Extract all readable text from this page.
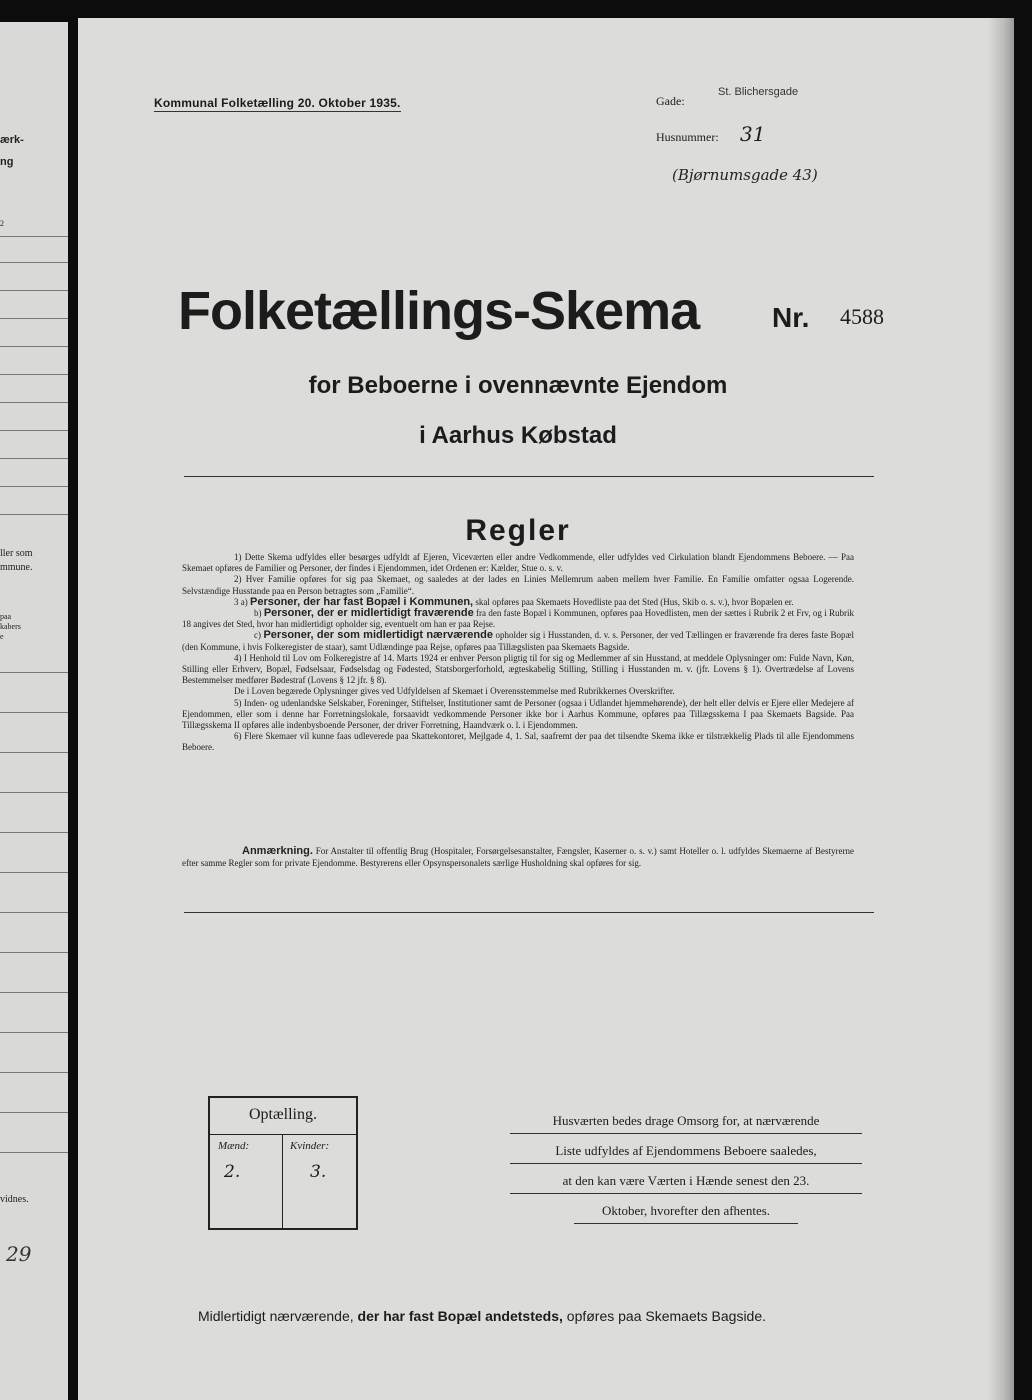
ærk-
ng
2
ller som
mmune.
paa
kabers
e
vidnes.
29
Kommunal Folketælling 20. Oktober 1935.	Gade:
St. Blichersgade
Husnummer: 31
(Bjørnumsgade 43)
Folketællings-Skema	Nr. 4588
for Beboerne i ovennævnte Ejendom
i Aarhus Købstad
Regler

1) Dette Skema udfyldes eller besørges udfyldt af Ejeren, Viceværten eller andre Vedkommende, eller udfyldes ved Cirkulation blandt Ejendommens Beboere. — Paa Skemaet opføres de Familier og Personer, der findes i Ejendommen, idet Ordenen er: Kælder, Stue o. s. v.

2) Hver Familie opføres for sig paa Skemaet, og saaledes at der lades en Linies Mellemrum aaben mellem hver Familie. En Familie omfatter ogsaa Logerende. Selvstændige Husstande paa en Person betragtes som „Familie“.

3 a) Personer, der har fast Bopæl i Kommunen, skal opføres paa Skemaets Hovedliste paa det Sted (Hus, Skib o. s. v.), hvor Bopælen er.

b) Personer, der er midlertidigt fraværende fra den faste Bopæl i Kommunen, opføres paa Hovedlisten, men der sættes i Rubrik 2 et Frv, og i Rubrik 18 angives det Sted, hvor han midlertidigt opholder sig, eventuelt om han er paa Rejse.

c) Personer, der som midlertidigt nærværende opholder sig i Husstanden, d. v. s. Personer, der ved Tællingen er fraværende fra deres faste Bopæl (den Kommune, i hvis Folkeregister de staar), samt Udlændinge paa Rejse, opføres paa Tillægslisten paa Skemaets Bagside.

4) I Henhold til Lov om Folkeregistre af 14. Marts 1924 er enhver Person pligtig til for sig og Medlemmer af sin Husstand, at meddele Oplysninger om: Fulde Navn, Køn, Stilling eller Erhverv, Bopæl, Fødselsaar, Fødselsdag og Fødested, Statsborgerforhold, ægteskabelig Stilling, Stilling i Husstanden m. v. (jfr. Lovens § 1). Overtrædelse af Lovens Bestemmelser medfører Bødestraf (Lovens § 12 jfr. § 8).

De i Loven begærede Oplysninger gives ved Udfyldelsen af Skemaet i Overensstemmelse med Rubrikkernes Overskrifter.

5) Inden- og udenlandske Selskaber, Foreninger, Stiftelser, Institutioner samt de Personer (ogsaa i Udlandet hjemmehørende), der helt eller delvis er Ejere eller Medejere af Ejendommen, eller som i denne har Forretningslokale, forsaavidt vedkommende Personer ikke bor i Aarhus Kommune, opføres paa Tillægsskema I paa Skemaets Bagside. Paa Tillægsskema II opføres alle indenbysboende Personer, der driver Forretning, Haandværk o. l. i Ejendommen.

6) Flere Skemaer vil kunne faas udleverede paa Skattekontoret, Mejlgade 4, 1. Sal, saafremt der paa det tilsendte Skema ikke er tilstrækkelig Plads til alle Ejendommens Beboere.

Anmærkning. For Anstalter til offentlig Brug (Hospitaler, Forsørgelsesanstalter, Fængsler, Kaserner o. s. v.) samt Hoteller o. l. udfyldes Skemaerne af Bestyrerne efter samme Regler som for private Ejendomme. Bestyrerens eller Opsynspersonalets særlige Husholdning skal opføres for sig.

Optælling.
Mænd:	Kvinder:
2.	3.
Husværten bedes drage Omsorg for, at nærværende
Liste udfyldes af Ejendommens Beboere saaledes,
at den kan være Værten i Hænde senest den 23.
Oktober, hvorefter den afhentes.
Midlertidigt nærværende, der har fast Bopæl andetsteds, opføres paa Skemaets Bagside.
